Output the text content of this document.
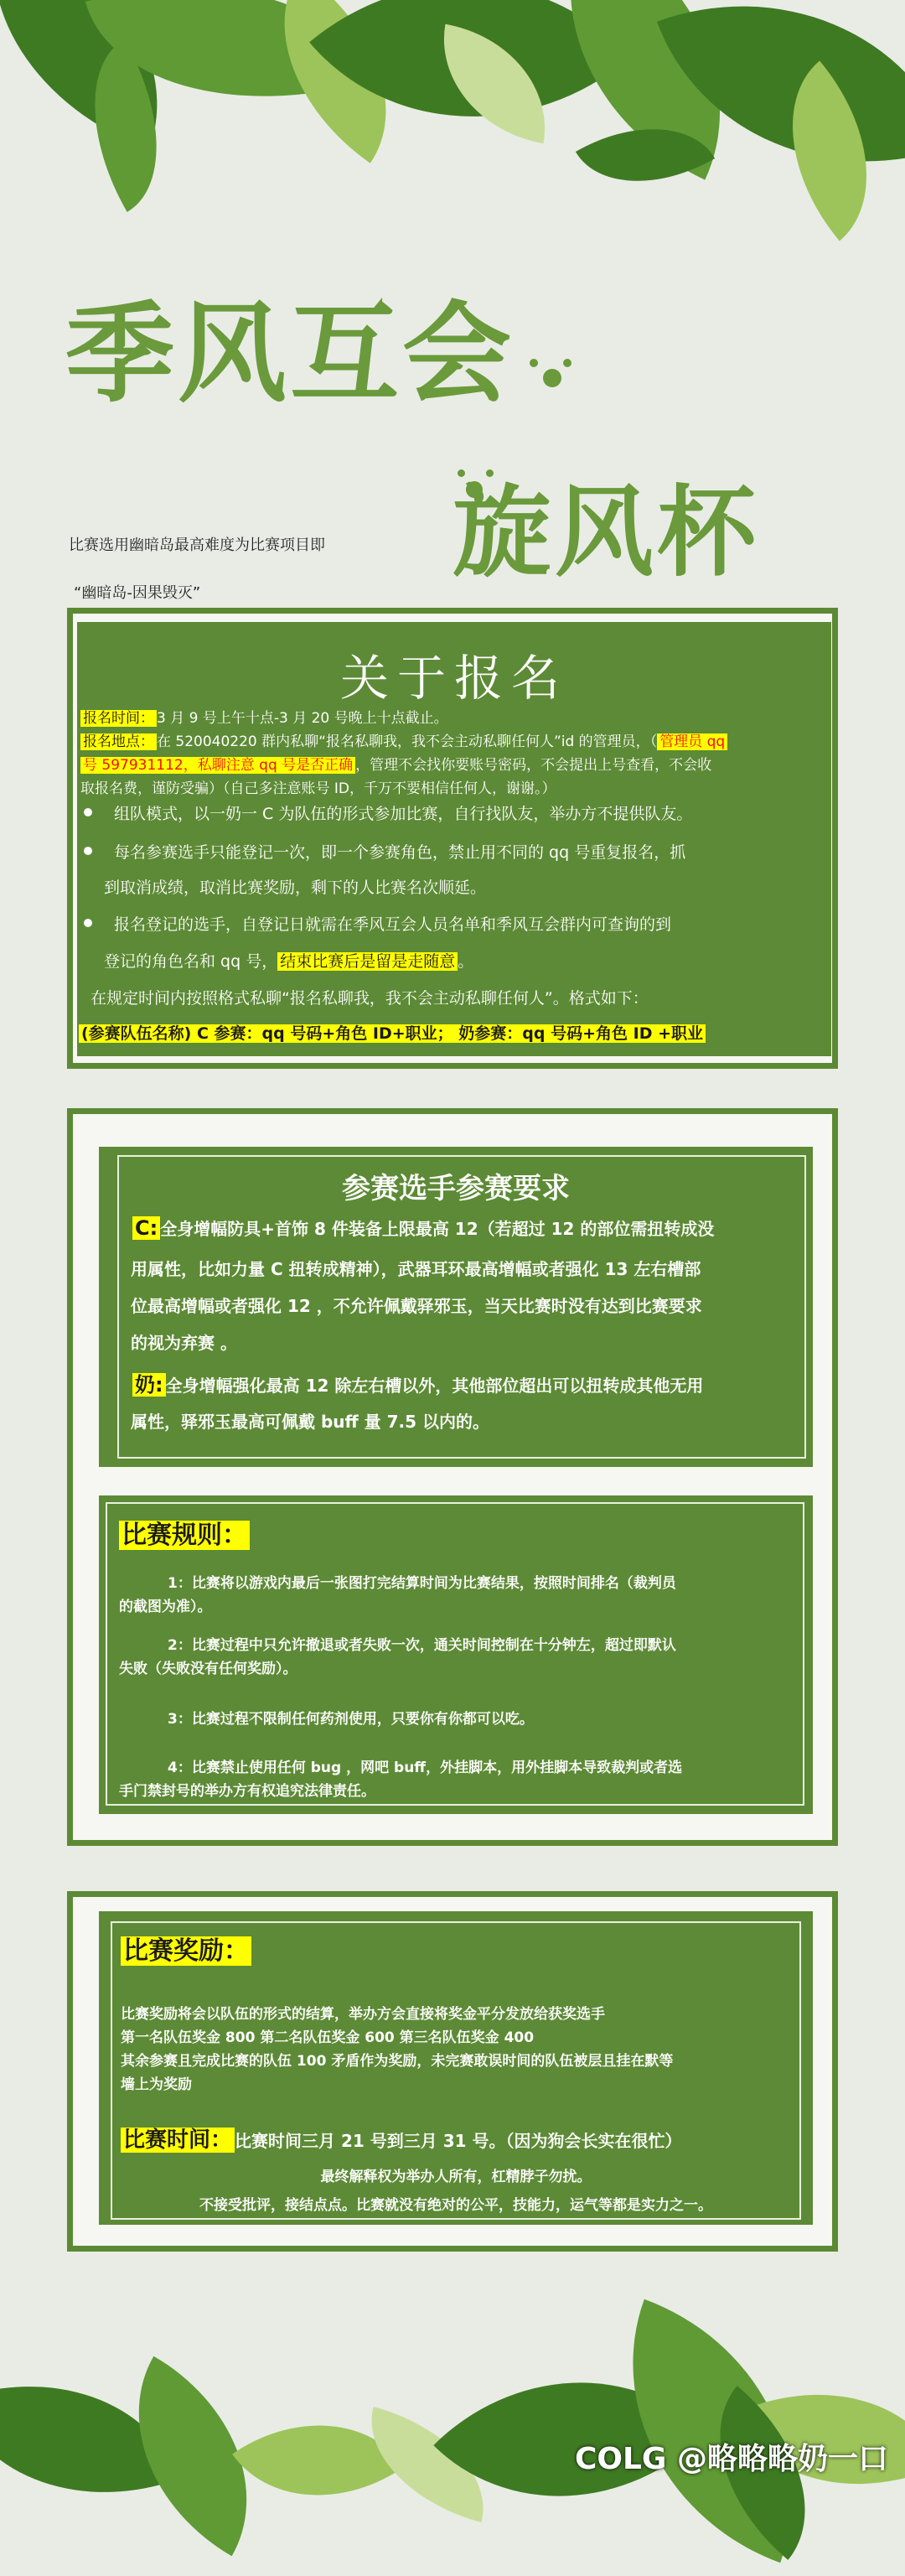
季风互会
旋风杯
比赛选用幽暗岛最高难度为比赛项目即
“幽暗岛-因果毁灭”
关于报名
报名时间： 3 月 9 号上午十点-3 月 20 号晚上十点截止。
报名地点： 在 520040220 群内私聊“报名私聊我，我不会主动私聊任何人”id 的管理员，（ 管理员 qq
号 597931112，私聊注意 qq 号是否正确 ，管理不会找你要账号密码，不会提出上号查看，不会收
取报名费，谨防受骗）（自己多注意账号 ID，千万不要相信任何人，谢谢。）
组队模式，以一奶一 C 为队伍的形式参加比赛，自行找队友，举办方不提供队友。
每名参赛选手只能登记一次，即一个参赛角色，禁止用不同的 qq 号重复报名，抓
到取消成绩，取消比赛奖励，剩下的人比赛名次顺延。
报名登记的选手，自登记日就需在季风互会人员名单和季风互会群内可查询的到
登记的角色名和 qq 号， 结束比赛后是留是走随意 。
在规定时间内按照格式私聊“报名私聊我，我不会主动私聊任何人”。格式如下：
(参赛队伍名称) C 参赛：qq 号码+角色 ID+职业； 奶参赛：qq 号码+角色 ID +职业
参赛选手参赛要求
C: 全身增幅防具+首饰 8 件装备上限最高 12（若超过 12 的部位需扭转成没
用属性，比如力量 C 扭转成精神），武器耳环最高增幅或者强化 13 左右槽部
位最高增幅或者强化 12 ，不允许佩戴驿邪玉，当天比赛时没有达到比赛要求
的视为弃赛 。
奶: 全身增幅强化最高 12 除左右槽以外，其他部位超出可以扭转成其他无用
属性，驿邪玉最高可佩戴 buff 量 7.5 以内的。
比赛规则：
1：比赛将以游戏内最后一张图打完结算时间为比赛结果，按照时间排名（裁判员
的截图为准）。
2：比赛过程中只允许撤退或者失败一次，通关时间控制在十分钟左，超过即默认
失败（失败没有任何奖励）。
3：比赛过程不限制任何药剂使用，只要你有你都可以吃。
4：比赛禁止使用任何 bug ，网吧 buff，外挂脚本，用外挂脚本导致裁判或者选
手门禁封号的举办方有权追究法律责任。
比赛奖励：
比赛奖励将会以队伍的形式的结算，举办方会直接将奖金平分发放给获奖选手
第一名队伍奖金 800 第二名队伍奖金 600 第三名队伍奖金 400
其余参赛且完成比赛的队伍 100 矛盾作为奖励，未完赛敢误时间的队伍被层且挂在默等
墙上为奖励
比赛时间： 比赛时间三月 21 号到三月 31 号。（因为狗会长实在很忙）
最终解释权为举办人所有，杠精脖子勿扰。
不接受批评，接结点点。比赛就没有绝对的公平，技能力，运气等都是实力之一。
COLG @略略略奶一口
